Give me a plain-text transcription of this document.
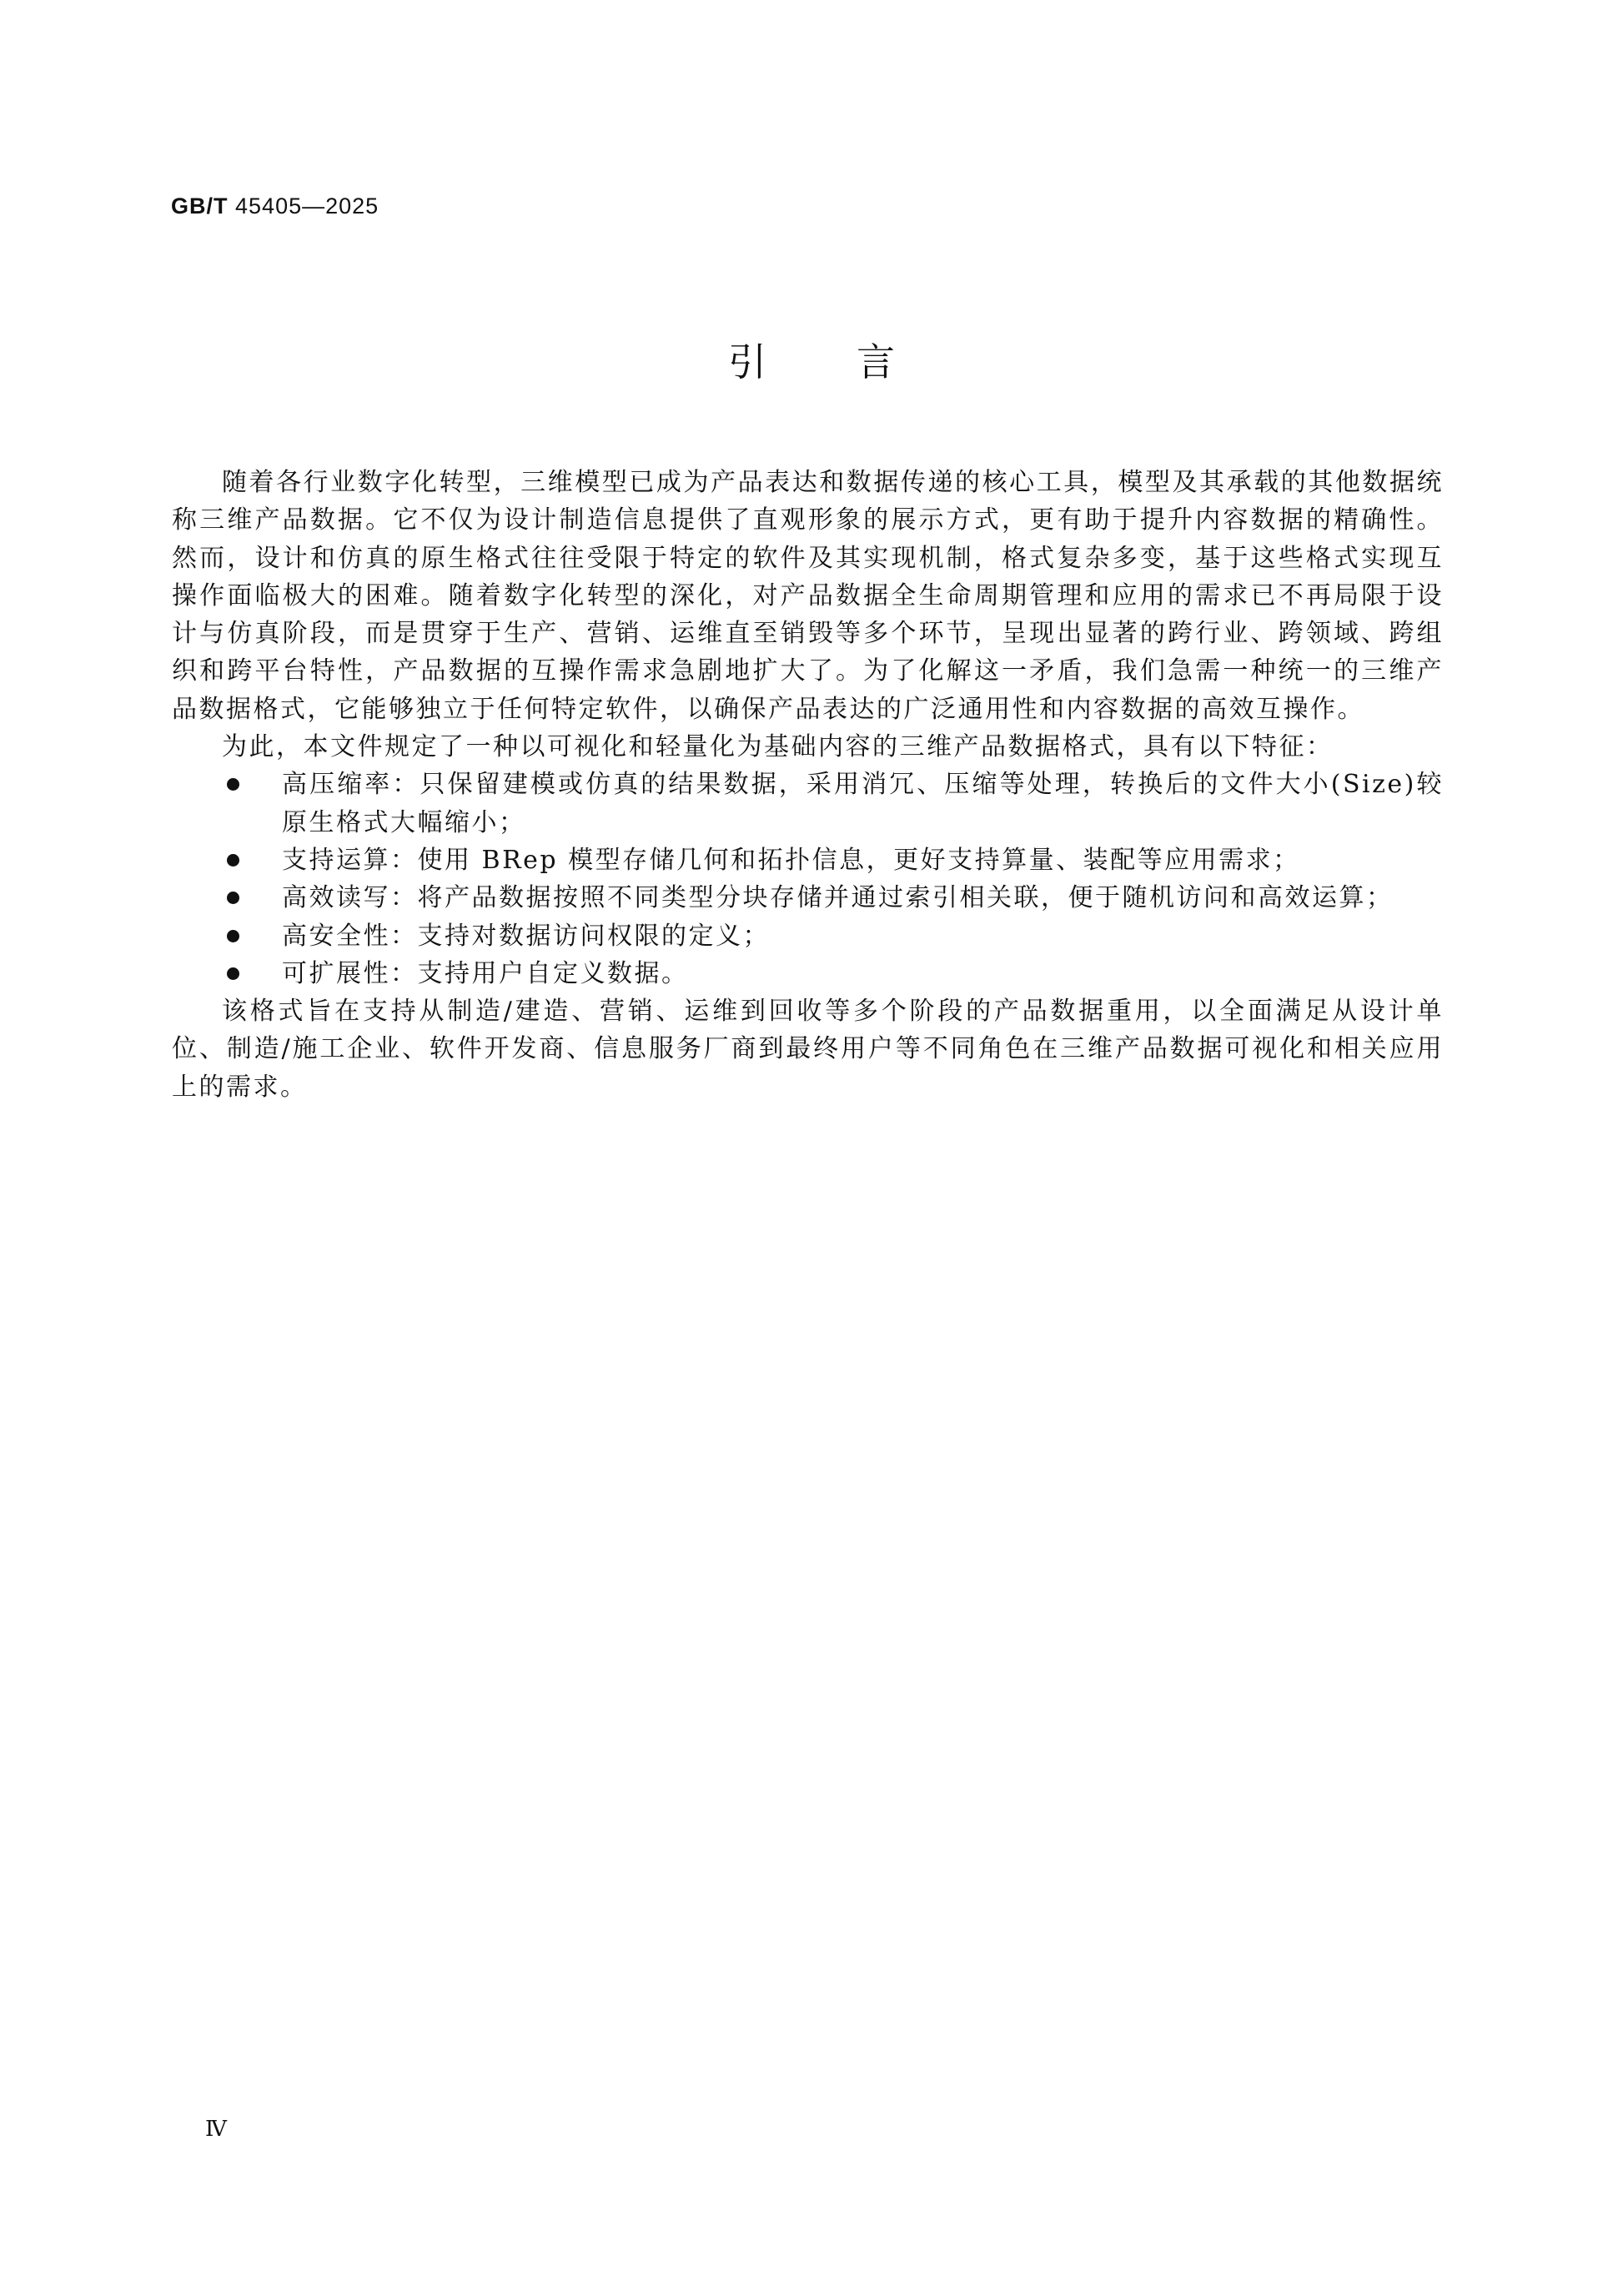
GB/T 45405—2025
引言

随着各行业数字化转型，三维模型已成为产品表达和数据传递的核心工具，模型及其承载的其他数据统称三维产品数据。它不仅为设计制造信息提供了直观形象的展示方式，更有助于提升内容数据的精确性。然而，设计和仿真的原生格式往往受限于特定的软件及其实现机制，格式复杂多变，基于这些格式实现互操作面临极大的困难。随着数字化转型的深化，对产品数据全生命周期管理和应用的需求已不再局限于设计与仿真阶段，而是贯穿于生产、营销、运维直至销毁等多个环节，呈现出显著的跨行业、跨领域、跨组织和跨平台特性，产品数据的互操作需求急剧地扩大了。为了化解这一矛盾，我们急需一种统一的三维产品数据格式，它能够独立于任何特定软件，以确保产品表达的广泛通用性和内容数据的高效互操作。

为此，本文件规定了一种以可视化和轻量化为基础内容的三维产品数据格式，具有以下特征：

高压缩率：只保留建模或仿真的结果数据，采用消冗、压缩等处理，转换后的文件大小(Size)较原生格式大幅缩小；
支持运算：使用 BRep 模型存储几何和拓扑信息，更好支持算量、装配等应用需求；
高效读写：将产品数据按照不同类型分块存储并通过索引相关联，便于随机访问和高效运算；
高安全性：支持对数据访问权限的定义；
可扩展性：支持用户自定义数据。

该格式旨在支持从制造/建造、营销、运维到回收等多个阶段的产品数据重用，以全面满足从设计单位、制造/施工企业、软件开发商、信息服务厂商到最终用户等不同角色在三维产品数据可视化和相关应用上的需求。

Ⅳ
